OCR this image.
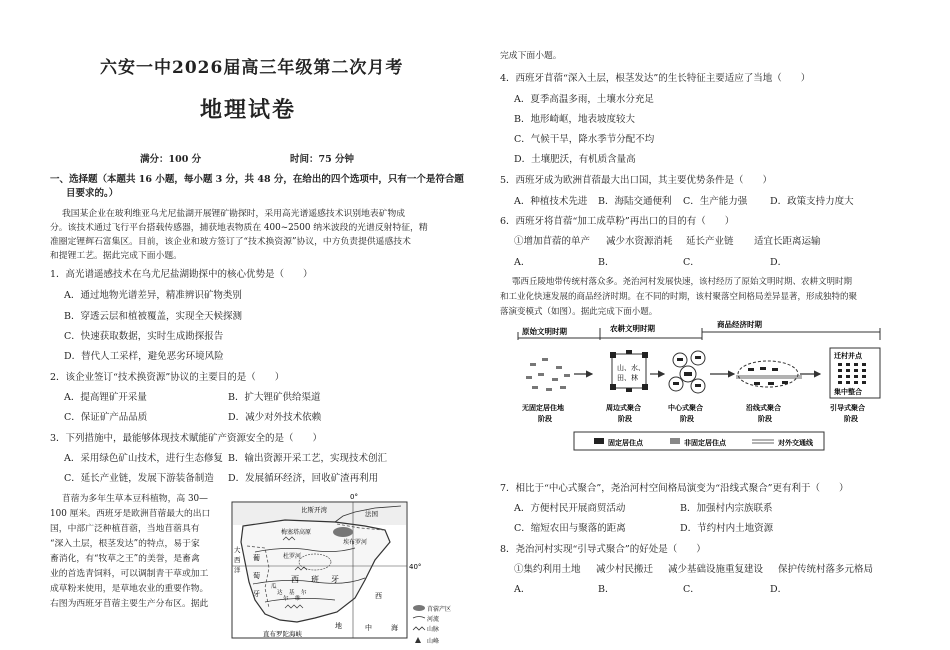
六安一中2026届高三年级第二次月考
地理试卷
满分：100 分	时间：75 分钟
一、选择题（本题共 16 小题，每小题 3 分，共 48 分，在给出的四个选项中，只有一个是符合题
目要求的。）
我国某企业在玻利维亚乌尤尼盐湖开展锂矿勘探时，采用高光谱遥感技术识别地表矿物成
分。该技术通过飞行平台搭载传感器，捕获地表物质在 400~2500 纳米波段的光谱反射特征，精
准圈定锂辉石富集区。目前，该企业和玻方签订了“技术换资源”协议，中方负责提供遥感技术
和提锂工艺。据此完成下面小题。
1．高光谱遥感技术在乌尤尼盐湖勘探中的核心优势是（　　）
A．通过地物光谱差异，精准辨识矿物类别
B．穿透云层和植被覆盖，实现全天候探测
C．快速获取数据，实时生成勘探报告
D．替代人工采样，避免恶劣环境风险
2．该企业签订“技术换资源”协议的主要目的是（　　）
A．提高锂矿开采量	B．扩大锂矿供给渠道
C．保证矿产品品质	D．减少对外技术依赖
3．下列措施中，最能够体现技术赋能矿产资源安全的是（　　）
A．采用绿色矿山技术，进行生态修复 B．输出资源开采工艺，实现技术创汇
C．延长产业链，发展下游装备制造 D．发展循环经济，回收矿渣再利用
苜蓿为多年生草本豆科植物，高 30—
100 厘米。西班牙是欧洲苜蓿最大的出口
国，中部广泛种植苜蓿，当地苜蓿具有
“深入土层，根茎发达”的特点，易于家
畜消化，有“牧草之王”的美誉，是畜禽
业的首选青饲料，可以调制青干草或加工
成草粉来使用，是草地农业的重要作物。
右图为西班牙苜蓿主要生产分布区。据此
0°
40°
比斯开湾	法国
梅塞塔高原
埃布罗河
杜罗河
大
西
洋
葡
萄
牙
西 班 牙
瓜
达
尔
基
维
尔
直布罗陀海峡
地	中	海
西
苜蓿产区
河流
山脉
山峰
完成下面小题。
4．西班牙苜蓿“深入土层，根茎发达”的生长特征主要适应了当地（　　）
A．夏季高温多雨，土壤水分充足
B．地形崎岖，地表坡度较大
C．气候干旱，降水季节分配不均
D．土壤肥沃，有机质含量高
5．西班牙成为欧洲苜蓿最大出口国，其主要优势条件是（　　）
A．种植技术先进 B．海陆交通便利 C．生产能力强 D．政策支持力度大
6．西班牙将苜蓿“加工成草粉”再出口的目的有（　　）
①增加苜蓿的单产 减少水资源消耗 延长产业链 适宜长距离运输
A．	B．	C．	D．
鄂西丘陵地带传统村落众多。尧治河村发展快速，该村经历了原始文明时期、农耕文明时期
和工业化快速发展的商品经济时期。在不同的时期，该村聚落空间格局差异显著，形成独特的聚
落演变模式（如图）。据此完成下面小题。
原始文明时期	农耕文明时期	商品经济时期
山、水、
田、林
迁村并点
集中整合
无固定居住地
阶段
周边式聚合
阶段
中心式聚合
阶段
沿线式聚合
阶段
引导式聚合
阶段
固定居住点	非固定居住点	对外交通线
7．相比于“中心式聚合”，尧治河村空间格局演变为“沿线式聚合”更有利于（　　）
A．方便村民开展商贸活动	B．加强村内宗族联系
C．缩短农田与聚落的距离	D．节约村内土地资源
8．尧治河村实现“引导式聚合”的好处是（　　）
①集约利用土地 减少村民搬迁 减少基础设施重复建设 保护传统村落多元格局
A．	B．	C．	D．
